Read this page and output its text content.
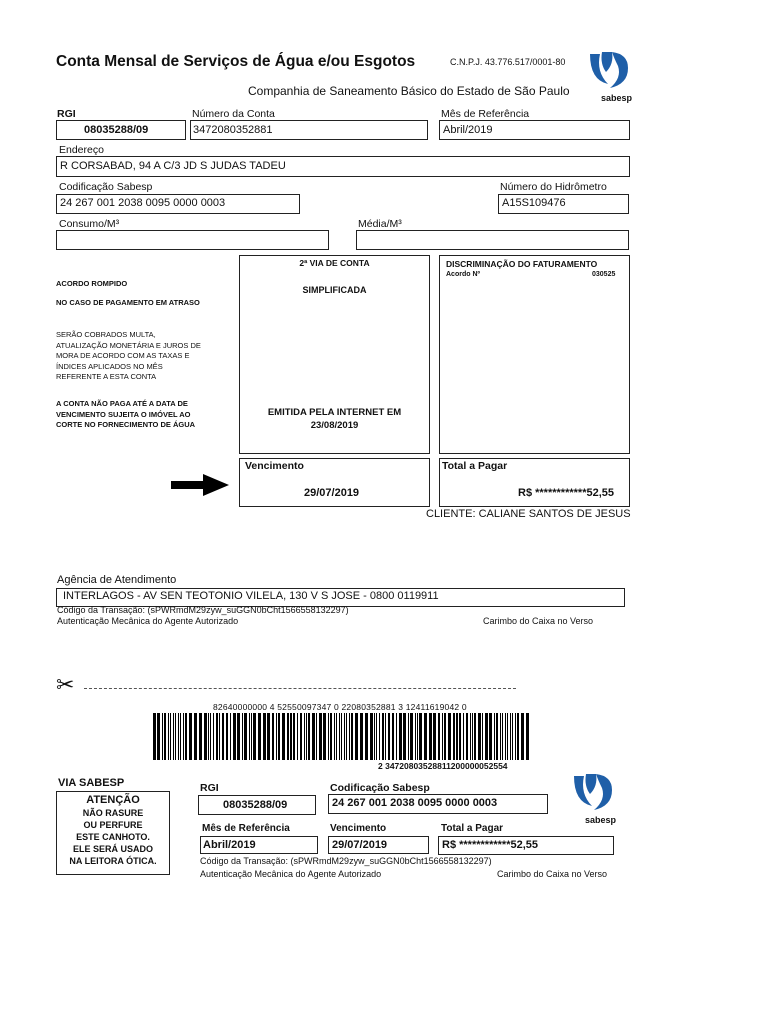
Conta Mensal de Serviços de Água e/ou Esgotos	C.N.P.J. 43.776.517/0001-80
Companhia de Saneamento Básico do Estado de São Paulo	sabesp
RGI
08035288/09
Número da Conta
3472080352881
Mês de Referência
Abril/2019
Endereço
R CORSABAD, 94 A C/3 JD S JUDAS TADEU
Codificação Sabesp
24 267 001 2038 0095 0000 0003
Número do Hidrômetro
A15S109476
Consumo/M³	Média/M³
ACORDO ROMPIDO
NO CASO DE PAGAMENTO EM ATRASO
SERÃO COBRADOS MULTA,
ATUALIZAÇÃO MONETÁRIA E JUROS DE
MORA DE ACORDO COM AS TAXAS E
ÍNDICES APLICADOS NO MÊS
REFERENTE A ESTA CONTA
A CONTA NÃO PAGA ATÉ A DATA DE
VENCIMENTO SUJEITA O IMÓVEL AO
CORTE NO FORNECIMENTO DE ÁGUA
2ª VIA DE CONTA
SIMPLIFICADA
EMITIDA PELA INTERNET EM
23/08/2019
DISCRIMINAÇÃO DO FATURAMENTO
Acordo Nº	030525
Vencimento
29/07/2019
Total a Pagar
R$ ************52,55
CLIENTE: CALIANE SANTOS DE JESUS
Agência de Atendimento
INTERLAGOS - AV SEN TEOTONIO VILELA, 130 V S JOSE - 0800 0119911
Código da Transação: (sPWRmdM29zyw_suGGN0bCht1566558132297)
Autenticação Mecânica do Agente Autorizado	Carimbo do Caixa no Verso
✂
82640000000 4 52550097347 0 22080352881 3 12411619042 0
2 34720803528811200000052554
VIA SABESP
ATENÇÃO
NÃO RASURE
OU PERFURE
ESTE CANHOTO.
ELE SERÁ USADO
NA LEITORA ÓTICA.
RGI
08035288/09
Codificação Sabesp
24 267 001 2038 0095 0000 0003
Mês de Referência
Abril/2019
Vencimento
29/07/2019
Total a Pagar
R$ ************52,55
Código da Transação: (sPWRmdM29zyw_suGGN0bCht1566558132297)
Autenticação Mecânica do Agente Autorizado	Carimbo do Caixa no Verso
sabesp
